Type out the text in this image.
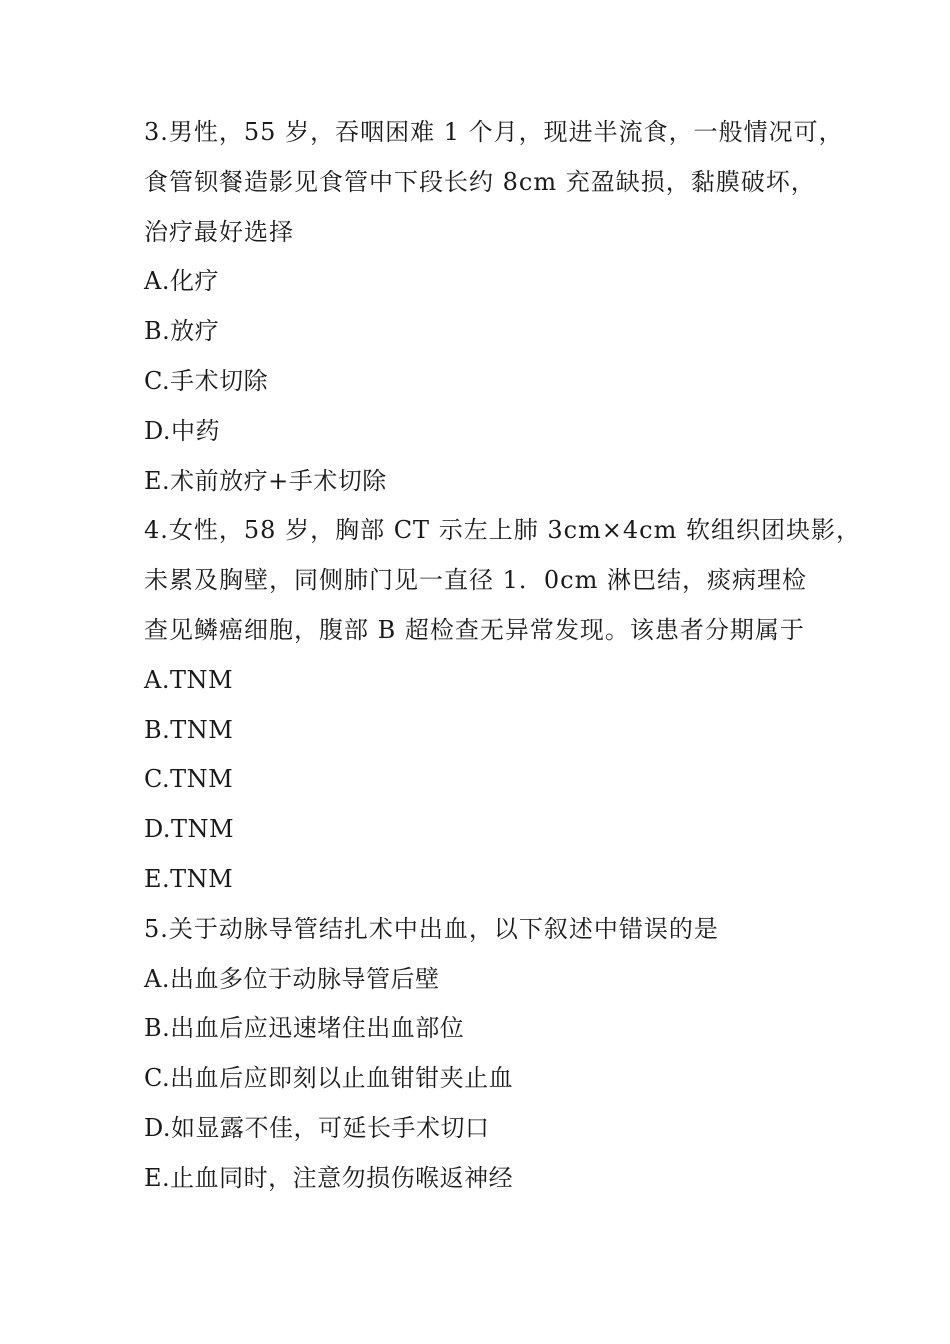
3.男性，55 岁，吞咽困难 1 个月，现进半流食，一般情况可，
食管钡餐造影见食管中下段长约 8cm 充盈缺损，黏膜破坏，
治疗最好选择
A.化疗
B.放疗
C.手术切除
D.中药
E.术前放疗+手术切除
4.女性，58 岁，胸部 CT 示左上肺 3cm×4cm 软组织团块影，
未累及胸壁，同侧肺门见一直径 1．0cm 淋巴结，痰病理检
查见鳞癌细胞，腹部 B 超检查无异常发现。该患者分期属于
A.TNM
B.TNM
C.TNM
D.TNM
E.TNM
5.关于动脉导管结扎术中出血，以下叙述中错误的是
A.出血多位于动脉导管后壁
B.出血后应迅速堵住出血部位
C.出血后应即刻以止血钳钳夹止血
D.如显露不佳，可延长手术切口
E.止血同时，注意勿损伤喉返神经
